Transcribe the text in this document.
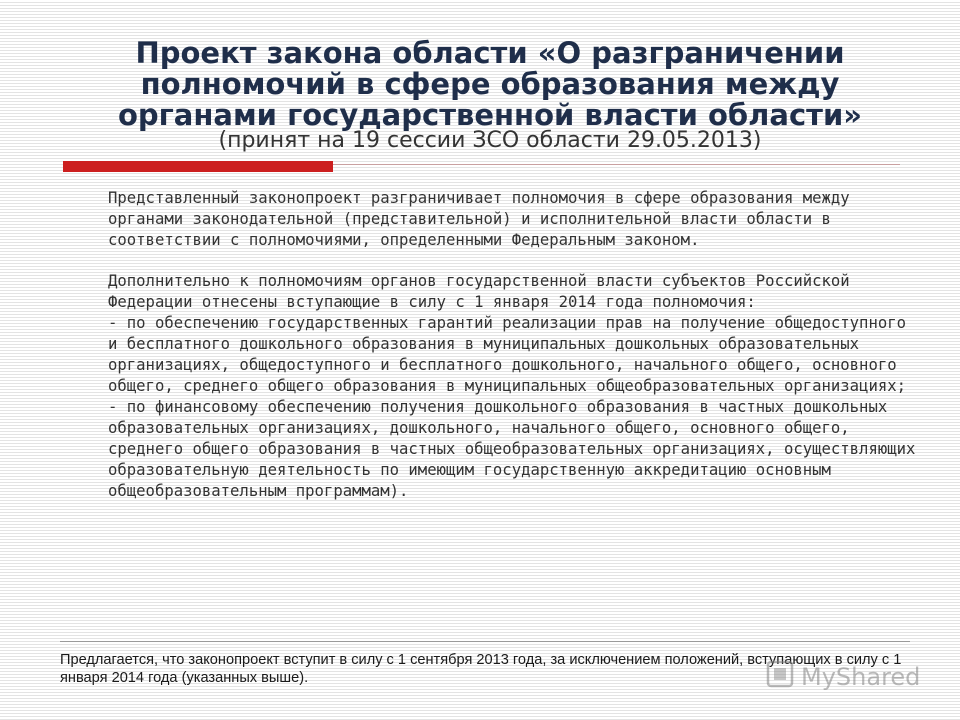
Проект закона области «О разграничении полномочий в сфере образования между органами государственной власти области»
(принят на 19 сессии ЗСО области 29.05.2013)

Представленный законопроект разграничивает полномочия в сфере образования между органами законодательной (представительной) и исполнительной власти области в соответствии с полномочиями, определенными Федеральным законом.

Дополнительно к полномочиям органов государственной власти субъектов Российской Федерации отнесены вступающие в силу с 1 января 2014 года полномочия:

- по обеспечению государственных гарантий реализации прав на получение общедоступного и бесплатного дошкольного образования в муниципальных дошкольных образовательных организациях, общедоступного и бесплатного дошкольного, начального общего, основного общего, среднего общего образования в муниципальных общеобразовательных организациях;

- по финансовому обеспечению получения дошкольного образования в частных дошкольных образовательных организациях, дошкольного, начального общего, основного общего, среднего общего образования в частных общеобразовательных организациях, осуществляющих образовательную деятельность по имеющим государственную аккредитацию основным общеобразовательным программам).

Предлагается, что законопроект вступит в силу с 1 сентября 2013 года, за исключением положений, вступающих в силу с 1 января 2014 года (указанных выше).	MyShared
